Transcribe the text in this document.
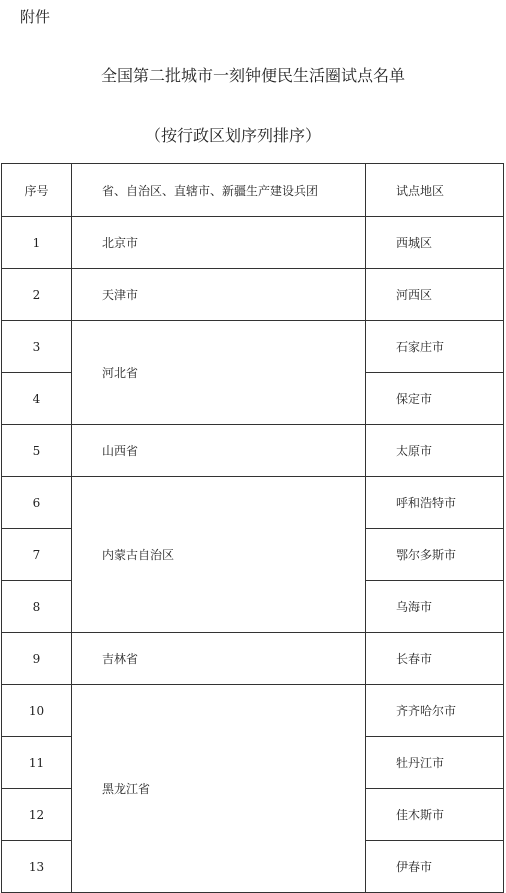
附件
全国第二批城市一刻钟便民生活圈试点名单
（按行政区划序列排序）
序号	省、自治区、直辖市、新疆生产建设兵团	试点地区
1	北京市	西城区
2	天津市	河西区
3	河北省	石家庄市
4		保定市
5	山西省	太原市
6	内蒙古自治区	呼和浩特市
7		鄂尔多斯市
8		乌海市
9	吉林省	长春市
10	黑龙江省	齐齐哈尔市
11		牡丹江市
12		佳木斯市
13		伊春市
